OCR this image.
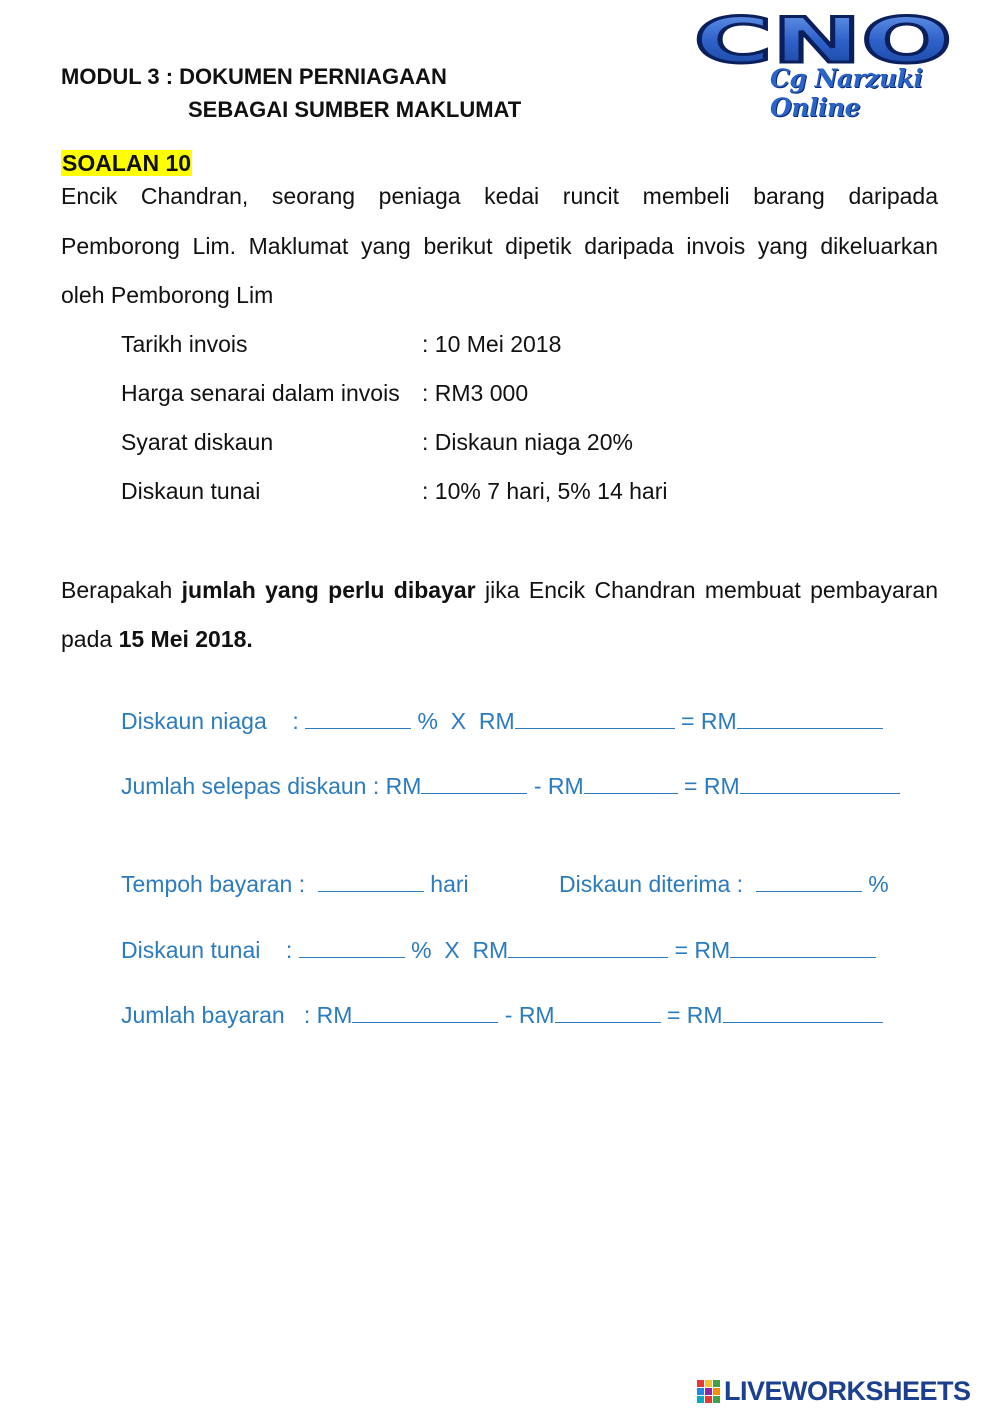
MODUL 3 : DOKUMEN PERNIAGAAN
SEBAGAI SUMBER MAKLUMAT
CNO
Cg Narzuki Online
SOALAN 10
Encik Chandran, seorang peniaga kedai runcit membeli barang daripada
Pemborong Lim. Maklumat yang berikut dipetik daripada invois yang dikeluarkan
oleh Pemborong Lim
Tarikh invois	: 10 Mei 2018
Harga senarai dalam invois : RM3 000
Syarat diskaun	: Diskaun niaga 20%
Diskaun tunai	: 10% 7 hari, 5% 14 hari
Berapakah jumlah yang perlu dibayar jika Encik Chandran membuat pembayaran
pada 15 Mei 2018.
Diskaun niaga    :	%  X  RM	= RM
Jumlah selepas diskaun : RM	- RM	= RM
Tempoh bayaran :	hari	Diskaun diterima :	%
Diskaun tunai    :	%  X  RM	= RM
Jumlah bayaran   : RM	- RM	= RM
LIVEWORKSHEETS
